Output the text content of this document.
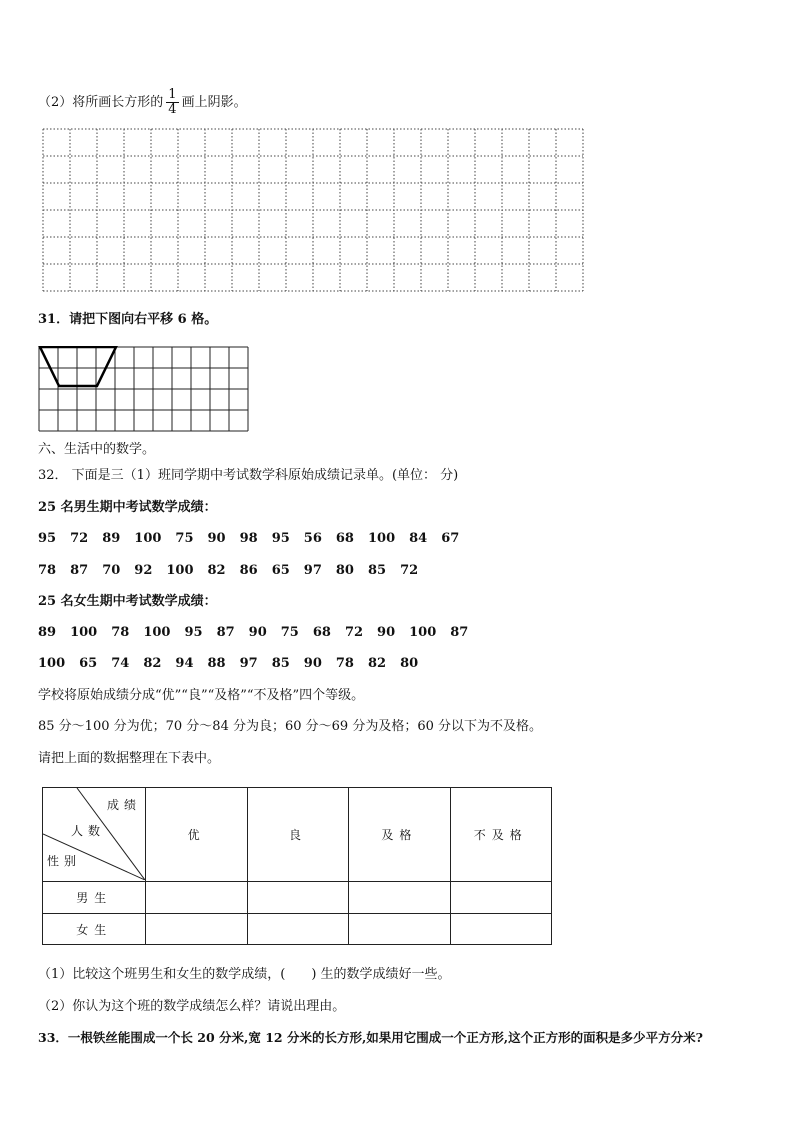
（2）将所画长方形的 $\frac{1}{4}$ 画上阴影。
31．请把下图向右平移 6 格。
六、生活中的数学。
32． 下面是三（1）班同学期中考试数学科原始成绩记录单。(单位： 分)
25 名男生期中考试数学成绩：
95 72 89 100 75 90 98 95 56 68 100 84 67
78 87 70 92 100 82 86 65 97 80 85 72
25 名女生期中考试数学成绩：
89 100 78 100 95 87 90 75 68 72 90 100 87
100 65 74 82 94 88 97 85 90 78 82 80
学校将原始成绩分成“优”“良”“及格”“不及格”四个等级。
85 分～100 分为优；70 分～84 分为良；60 分～69 分为及格；60 分以下为不及格。
请把上面的数据整理在下表中。
成绩
人数
性别	优	良	及格	不及格
男生				
女生				
（1）比较这个班男生和女生的数学成绩，(　　) 生的数学成绩好一些。
（2）你认为这个班的数学成绩怎么样？请说出理由。
33．一根铁丝能围成一个长 20 分米,宽 12 分米的长方形,如果用它围成一个正方形,这个正方形的面积是多少平方分米?
